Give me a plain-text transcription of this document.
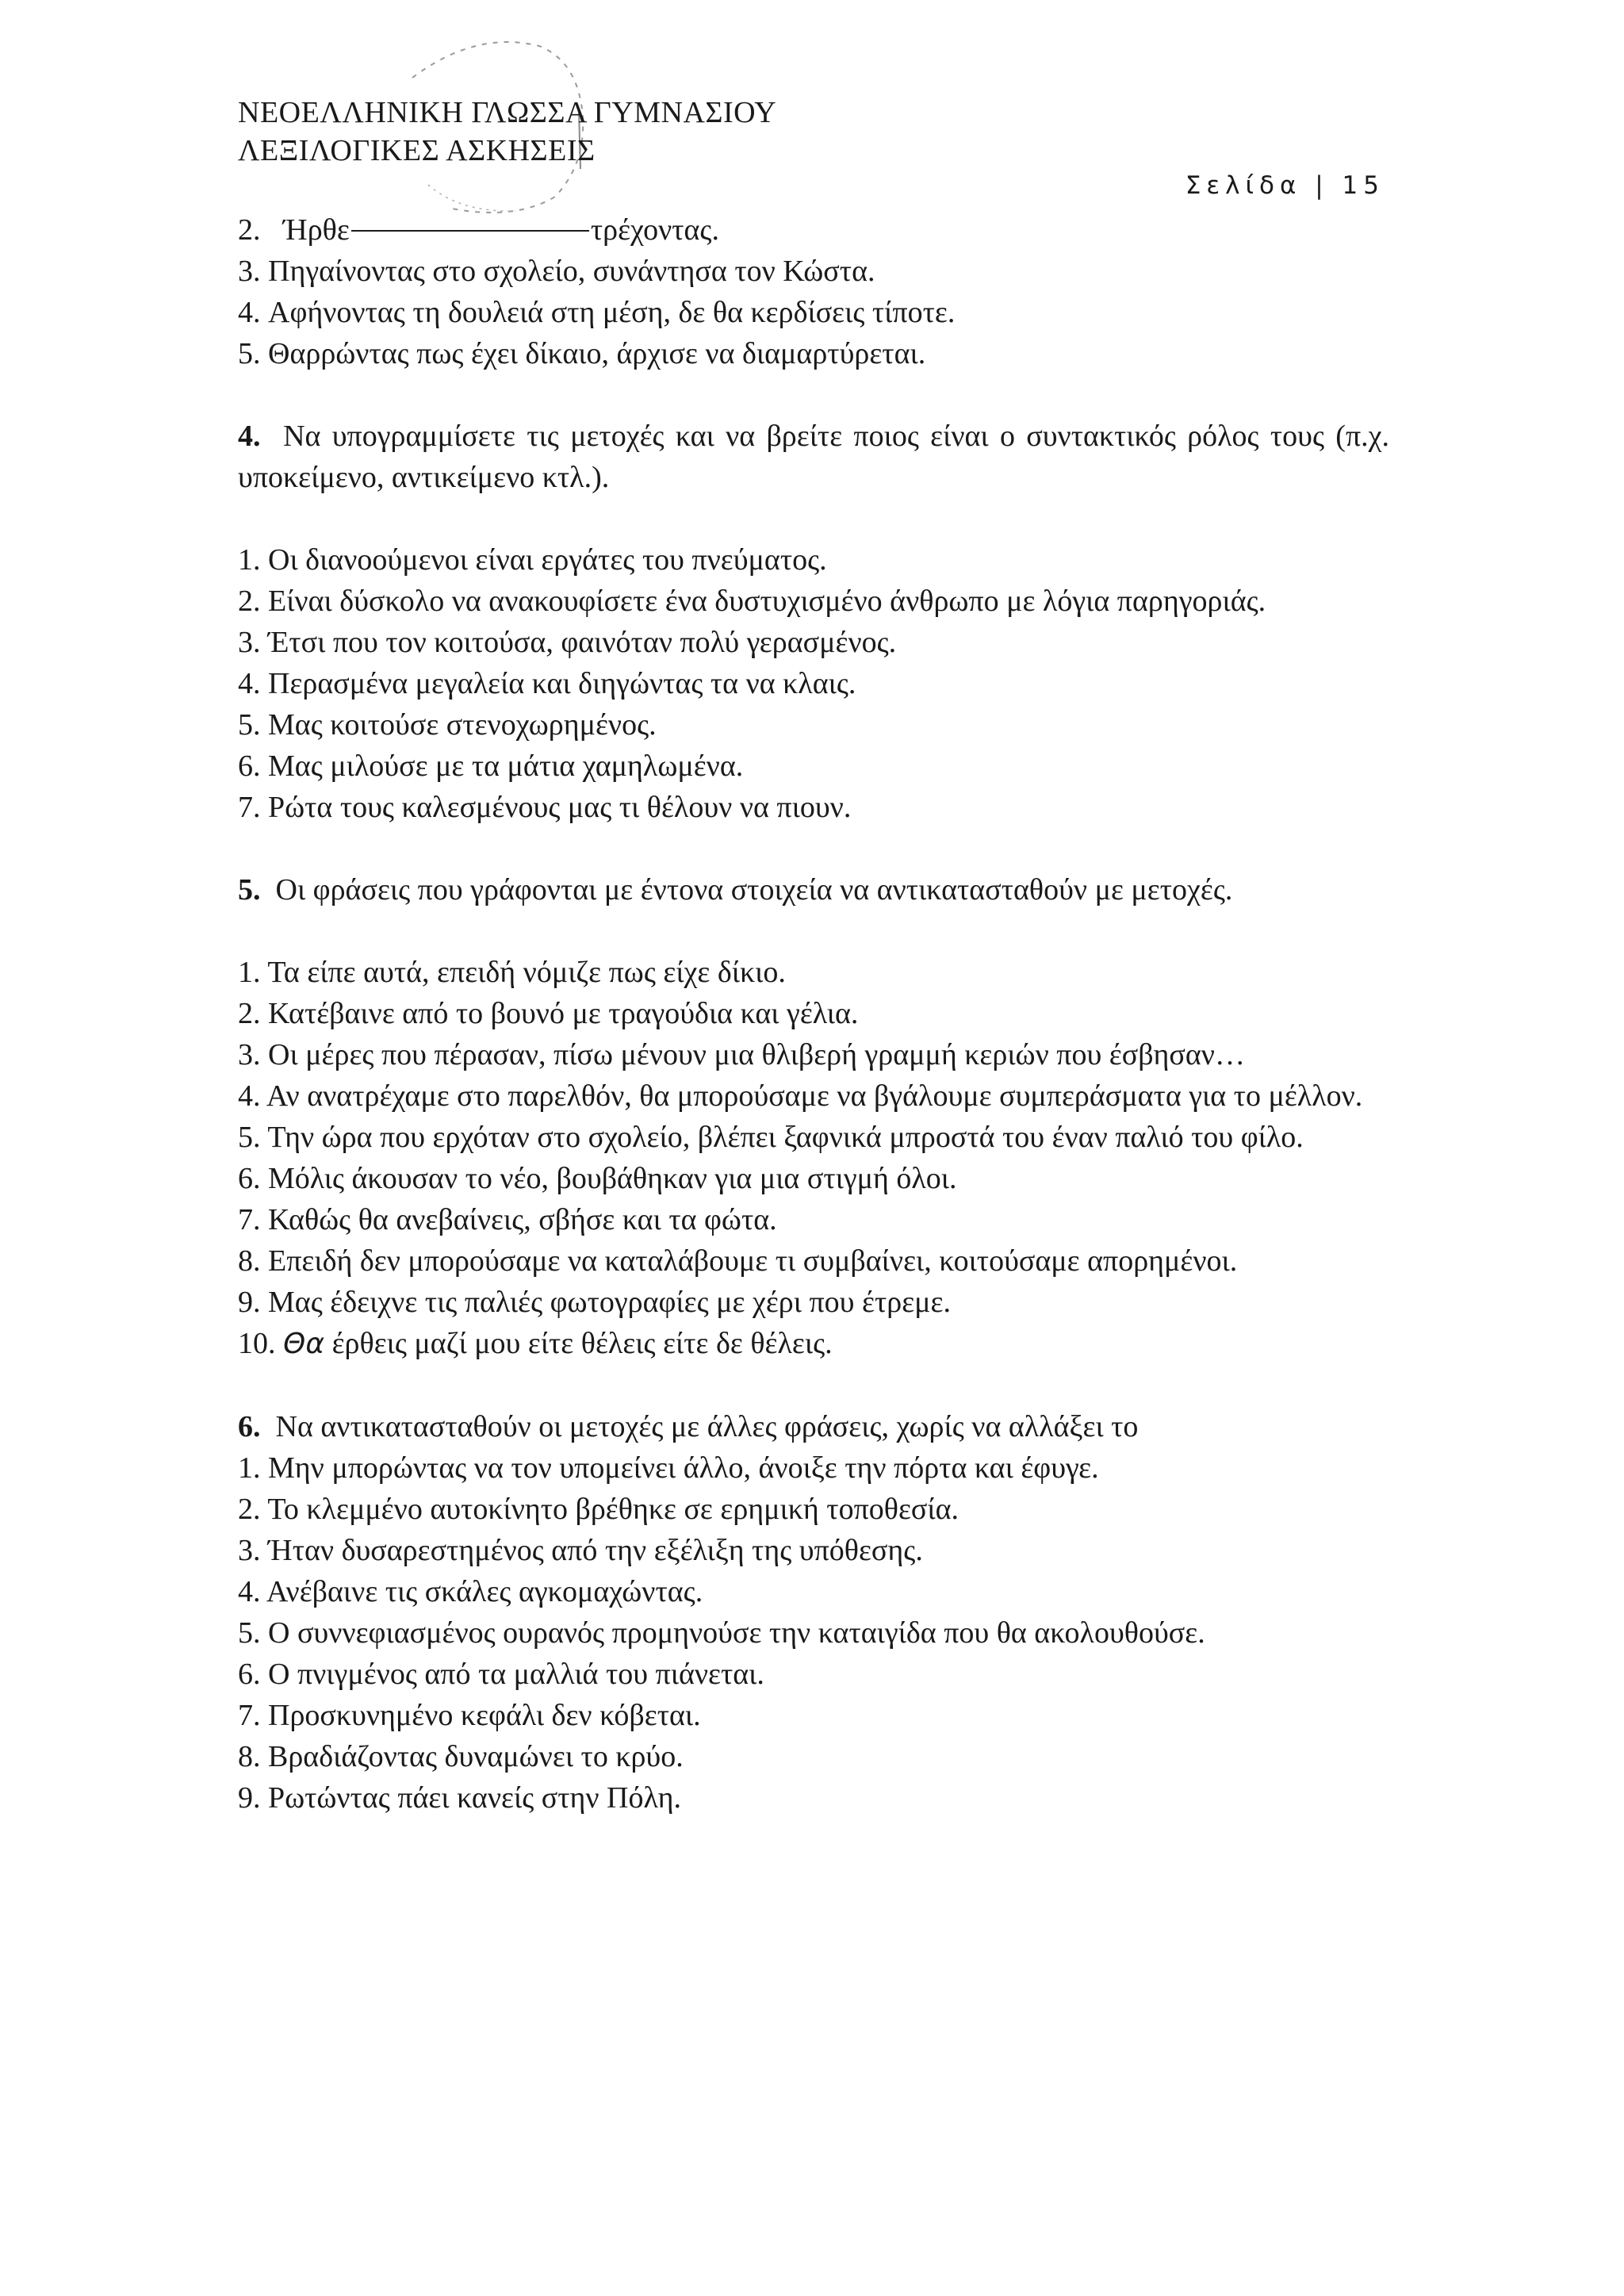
ΝΕΟΕΛΛΗΝΙΚΗ ΓΛΩΣΣΑ ΓΥΜΝΑΣΙΟΥ
ΛΕΞΙΛΟΓΙΚΕΣ ΑΣΚΗΣΕΙΣ
Σελίδα | 15

2. Ήρθε	τρέχοντας.

3. Πηγαίνοντας στο σχολείο, συνάντησα τον Κώστα.

4. Αφήνοντας τη δουλειά στη μέση, δε θα κερδίσεις τίποτε.

5. Θαρρώντας πως έχει δίκαιο, άρχισε να διαμαρτύρεται.

4. Να υπογραμμίσετε τις μετοχές και να βρείτε ποιος είναι ο συντακτικός ρόλος τους (π.χ. υποκείμενο, αντικείμενο κτλ.).

1. Οι διανοούμενοι είναι εργάτες του πνεύματος.

2. Είναι δύσκολο να ανακουφίσετε ένα δυστυχισμένο άνθρωπο με λόγια παρηγοριάς.

3. Έτσι που τον κοιτούσα, φαινόταν πολύ γερασμένος.

4. Περασμένα μεγαλεία και διηγώντας τα να κλαις.

5. Μας κοιτούσε στενοχωρημένος.

6. Μας μιλούσε με τα μάτια χαμηλωμένα.

7. Ρώτα τους καλεσμένους μας τι θέλουν να πιουν.

5. Οι φράσεις που γράφονται με έντονα στοιχεία να αντικατασταθούν με μετοχές.

1. Τα είπε αυτά, επειδή νόμιζε πως είχε δίκιο.

2. Κατέβαινε από το βουνό με τραγούδια και γέλια.

3. Οι μέρες που πέρασαν, πίσω μένουν μια θλιβερή γραμμή κεριών που έσβησαν…

4. Αν ανατρέχαμε στο παρελθόν, θα μπορούσαμε να βγάλουμε συμπεράσματα για το μέλλον.

5. Την ώρα που ερχόταν στο σχολείο, βλέπει ξαφνικά μπροστά του έναν παλιό του φίλο.

6. Μόλις άκουσαν το νέο, βουβάθηκαν για μια στιγμή όλοι.

7. Καθώς θα ανεβαίνεις, σβήσε και τα φώτα.

8. Επειδή δεν μπορούσαμε να καταλάβουμε τι συμβαίνει, κοιτούσαμε απορημένοι.

9. Μας έδειχνε τις παλιές φωτογραφίες με χέρι που έτρεμε.

10. Θα έρθεις μαζί μου είτε θέλεις είτε δε θέλεις.

6. Να αντικατασταθούν οι μετοχές με άλλες φράσεις, χωρίς να αλλάξει το

1. Μην μπορώντας να τον υπομείνει άλλο, άνοιξε την πόρτα και έφυγε.

2. Το κλεμμένο αυτοκίνητο βρέθηκε σε ερημική τοποθεσία.

3. Ήταν δυσαρεστημένος από την εξέλιξη της υπόθεσης.

4. Ανέβαινε τις σκάλες αγκομαχώντας.

5. Ο συννεφιασμένος ουρανός προμηνούσε την καταιγίδα που θα ακολουθούσε.

6. Ο πνιγμένος από τα μαλλιά του πιάνεται.

7. Προσκυνημένο κεφάλι δεν κόβεται.

8. Βραδιάζοντας δυναμώνει το κρύο.

9. Ρωτώντας πάει κανείς στην Πόλη.
